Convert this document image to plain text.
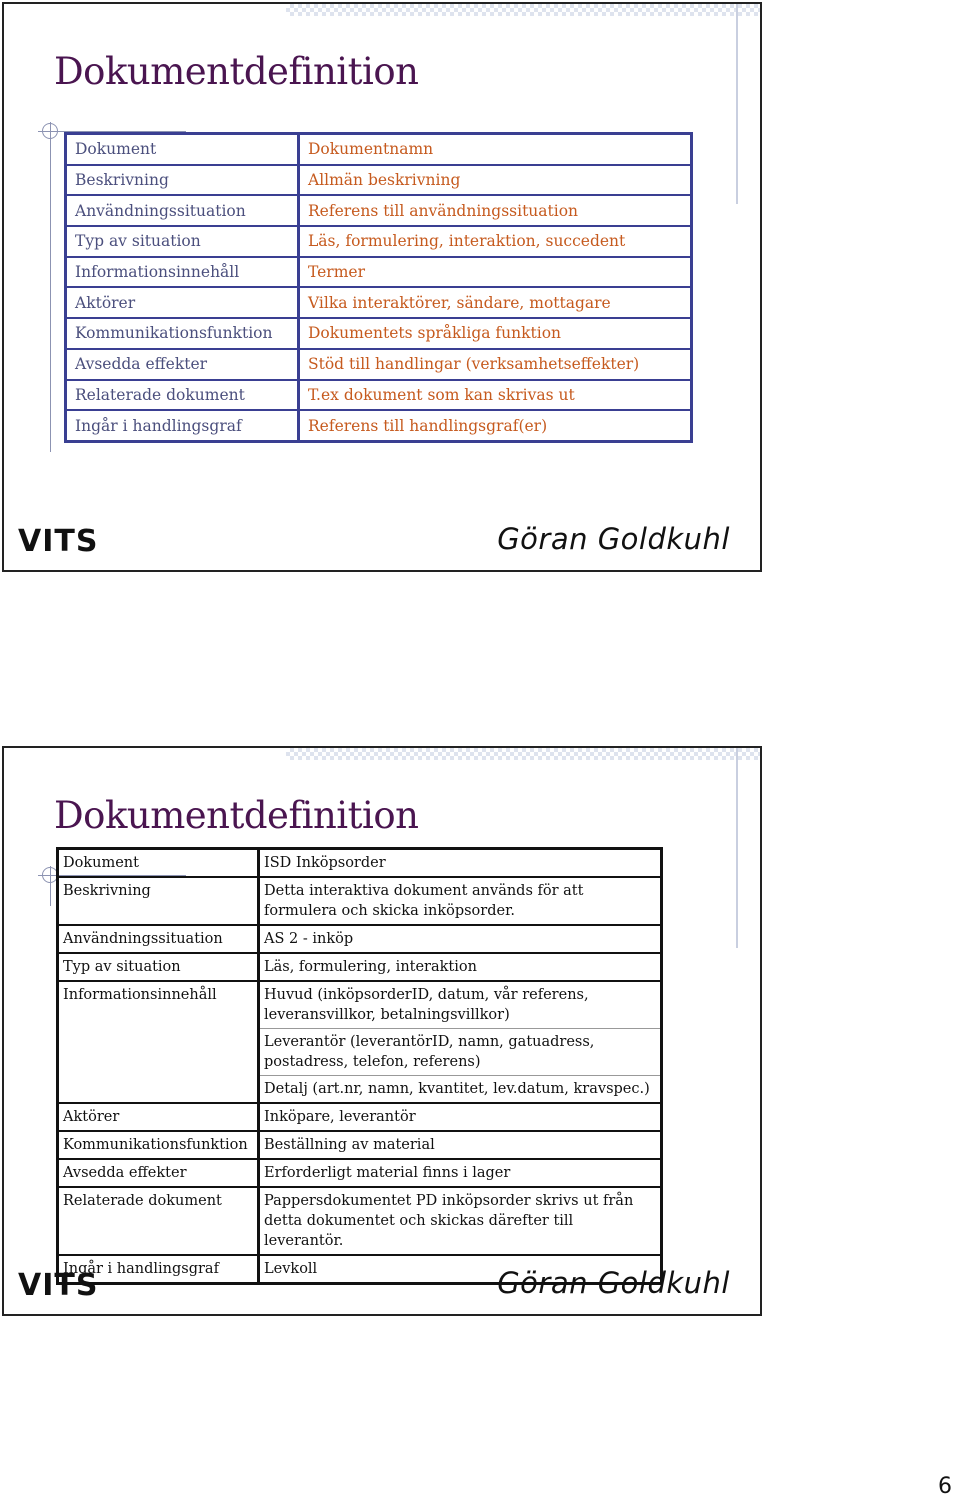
Dokumentdefinition
Dokument	Dokumentnamn
Beskrivning	Allmän beskrivning
Användningssituation	Referens till användningssituation
Typ av situation	Läs, formulering, interaktion, succedent
Informationsinnehåll	Termer
Aktörer	Vilka interaktörer, sändare, mottagare
Kommunikationsfunktion	Dokumentets språkliga funktion
Avsedda effekter	Stöd till handlingar (verksamhetseffekter)
Relaterade dokument	T.ex dokument som kan skrivas ut
Ingår i handlingsgraf	Referens till handlingsgraf(er)
VITS	Göran Goldkuhl
Dokumentdefinition
Dokument	ISD Inköpsorder
Beskrivning	Detta interaktiva dokument används för att formulera och skicka inköpsorder.
Användningssituation	AS 2 - inköp
Typ av situation	Läs, formulering, interaktion
Informationsinnehåll	Huvud (inköpsorderID, datum, vår referens, leveransvillkor, betalningsvillkor)
	Leverantör (leverantörID, namn, gatuadress, postadress, telefon, referens)
	Detalj (art.nr, namn, kvantitet, lev.datum, kravspec.)
Aktörer	Inköpare, leverantör
Kommunikationsfunktion	Beställning av material
Avsedda effekter	Erforderligt material finns i lager
Relaterade dokument	Pappersdokumentet PD inköpsorder skrivs ut från detta dokumentet och skickas därefter till leverantör.
Ingår i handlingsgraf	Levkoll
VITS	Göran Goldkuhl
6
